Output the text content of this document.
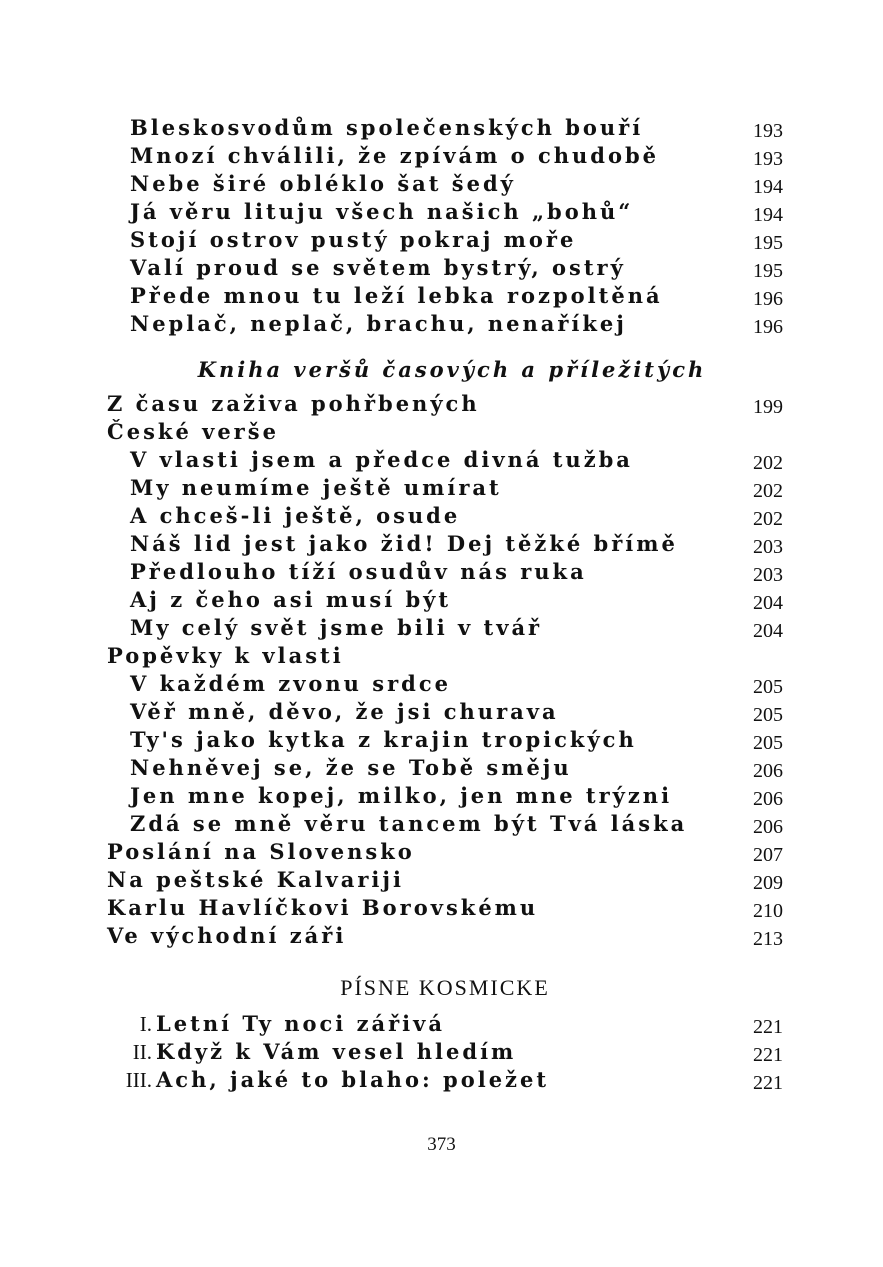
Bleskosvodům společenských bouří	193
Mnozí chválili, že zpívám o chudobě	193
Nebe širé obléklo šat šedý	194
Já věru lituju všech našich „bohů“	194
Stojí ostrov pustý pokraj moře	195
Valí proud se světem bystrý, ostrý	195
Přede mnou tu leží lebka rozpoltěná	196
Neplač, neplač, brachu, nenaříkej	196
Kniha veršů časových a příležitých
Z času zaživa pohřbených	199
České verše
V vlasti jsem a předce divná tužba	202
My neumíme ještě umírat	202
A chceš-li ještě, osude	202
Náš lid jest jako žid! Dej těžké břímě	203
Předlouho tíží osudův nás ruka	203
Aj z čeho asi musí být	204
My celý svět jsme bili v tvář	204
Popěvky k vlasti
V každém zvonu srdce	205
Věř mně, děvo, že jsi churava	205
Ty's jako kytka z krajin tropických	205
Nehněvej se, že se Tobě směju	206
Jen mne kopej, milko, jen mne trýzni	206
Zdá se mně věru tancem být Tvá láska	206
Poslání na Slovensko	207
Na peštské Kalvariji	209
Karlu Havlíčkovi Borovskému	210
Ve východní záři	213
PÍSNE KOSMICKE
I. Letní Ty noci zářivá	221
II. Když k Vám vesel hledím	221
III. Ach, jaké to blaho: poležet	221
373
